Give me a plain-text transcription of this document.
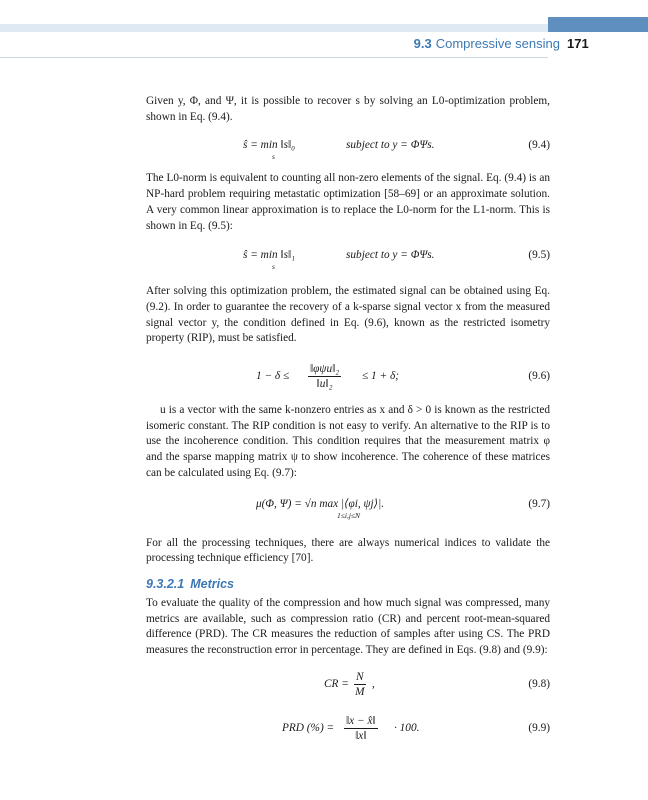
9.3 Compressive sensing 171

Given y, Φ, and Ψ, it is possible to recover s by solving an L0-optimization problem, shown in Eq. (9.4).

ŝ = min ‖s‖₀
s
subject to y = ΦΨs.	(9.4)

The L0-norm is equivalent to counting all non-zero elements of the signal. Eq. (9.4) is an NP-hard problem requiring metastatic optimization [58–69] or an approximate solution. A very common linear approximation is to replace the L0-norm for the L1-norm. This is shown in Eq. (9.5):

ŝ = min ‖s‖₁
s
subject to y = ΦΨs.	(9.5)

After solving this optimization problem, the estimated signal can be obtained using Eq. (9.2). In order to guarantee the recovery of a k-sparse signal vector x from the measured signal vector y, the condition defined in Eq. (9.6), known as the restricted isometry property (RIP), must be satisfied.

1 − δ ≤
‖φψu‖₂
‖u‖₂
≤ 1 + δ;	(9.6)

u is a vector with the same k-nonzero entries as x and δ > 0 is known as the restricted isomeric constant. The RIP condition is not easy to verify. An alternative to the RIP is to use the incoherence condition. This condition requires that the measurement matrix φ and the sparse mapping matrix ψ to show incoherence. The coherence of these matrices can be calculated using Eq. (9.7):

μ(Φ, Ψ) = √n max |⟨φi, ψj⟩|.
1≤i,j≤N
(9.7)

For all the processing techniques, there are always numerical indices to validate the processing technique efficiency [70].

9.3.2.1 Metrics

To evaluate the quality of the compression and how much signal was compressed, many metrics are available, such as compression ratio (CR) and percent root-mean-squared difference (PRD). The CR measures the reduction of samples after using CS. The PRD measures the reconstruction error in percentage. They are defined in Eqs. (9.8) and (9.9):

CR = $\frac{N}{M}$ ,	(9.8)
PRD (%) = $\frac{‖x - x̂‖}{‖x‖} \cdot 100$.	(9.9)
